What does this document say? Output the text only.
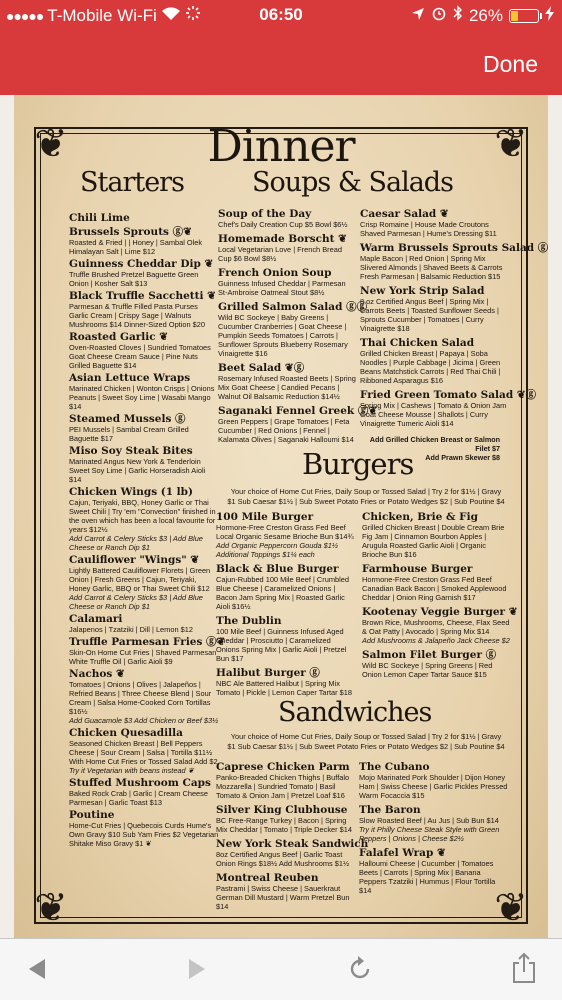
●●●●● T-Mobile Wi-Fi	06:50	26%
Done
❦	❦
❦	❦
Dinner
Starters	Soups & Salads
Chili Lime
Brussels Sprouts ⓖ❦
Roasted & Fried | | Honey | Sambal Olek Himalayan Salt | Lime $12
Guinness Cheddar Dip ❦
Truffle Brushed Pretzel Baguette Green Onion | Kosher Salt $13
Black Truffle Sacchetti ❦
Parmesan & Truffle Filled Pasta Purses Garlic Cream | Crispy Sage | Walnuts Mushrooms $14 Dinner-Sized Option $20
Roasted Garlic ❦
Oven-Roasted Cloves | Sundried Tomatoes Goat Cheese Cream Sauce | Pine Nuts Grilled Baguette $14
Asian Lettuce Wraps
Marinated Chicken | Wonton Crisps | Onions Peanuts | Sweet Soy Lime | Wasabi Mango $14
Steamed Mussels ⓖ
PEI Mussels | Sambal Cream Grilled Baguette $17
Miso Soy Steak Bites
Marinated Angus New York & Tenderloin Sweet Soy Lime | Garlic Horseradish Aioli $14
Chicken Wings (1 lb)
Cajun, Teriyaki, BBQ, Honey Garlic or Thai Sweet Chili | Try 'em "Convection" finished in the oven which has been a local favourite for years $12½
Add Carrot & Celery Sticks $3 | Add Blue Cheese or Ranch Dip $1
Cauliflower "Wings" ❦
Lightly Battered Cauliflower Florets | Green Onion | Fresh Greens | Cajun, Teriyaki, Honey Garlic, BBQ or Thai Sweet Chili $12
Add Carrot & Celery Sticks $3 | Add Blue Cheese or Ranch Dip $1
Calamari
Jalapenos | Tzatziki | Dill | Lemon $12
Truffle Parmesan Fries ⓖ❦
Skin-On Home Cut Fries | Shaved Parmesan White Truffle Oil | Garlic Aioli $9
Nachos ❦
Tomatoes | Onions | Olives | Jalapeños | Refried Beans | Three Cheese Blend | Sour Cream | Salsa Home-Cooked Corn Tortillas $16½
Add Guacamole $3 Add Chicken or Beef $3½
Chicken Quesadilla
Seasoned Chicken Breast | Bell Peppers Cheese | Sour Cream | Salsa | Tortilla $11½ With Home Cut Fries or Tossed Salad Add $2
Try it Vegetarian with beans instead ❦
Stuffed Mushroom Caps
Baked Rock Crab | Garlic | Cream Cheese Parmesan | Garlic Toast $13
Poutine
Home-Cut Fries | Quebecois Curds Hume's Own Gravy $10 Sub Yam Fries $2 Vegetarian Shitake Miso Gravy $1 ❦
Soup of the Day
Chef's Daily Creation Cup $5 Bowl $6½
Homemade Borscht ❦
Local Vegetarian Love | French Bread Cup $6 Bowl $8½
French Onion Soup
Guinness Infused Cheddar | Parmesan St-Ambroise Oatmeal Stout $8½
Grilled Salmon Salad ⓖⓖ
Wild BC Sockeye | Baby Greens | Cucumber Cranberries | Goat Cheese | Pumpkin Seeds Tomatoes | Carrots | Sunflower Sprouts Blueberry Rosemary Vinaigrette $16
Beet Salad ❦ⓖ
Rosemary Infused Roasted Beets | Spring Mix Goat Cheese | Candied Pecans | Walnut Oil Balsamic Reduction $14½
Saganaki Fennel Greek ⓖ❦
Green Peppers | Grape Tomatoes | Feta Cucumber | Red Onions | Fennel | Kalamata Olives | Saganaki Halloumi $14
Caesar Salad ❦
Crisp Romaine | House Made Croutons Shaved Parmesan | Hume's Dressing $11
Warm Brussels Sprouts Salad ⓖ
Maple Bacon | Red Onion | Spring Mix Slivered Almonds | Shaved Beets & Carrots Fresh Parmesan | Balsamic Reduction $15
New York Strip Salad
8 oz Certified Angus Beef | Spring Mix | Carrots Beets | Toasted Sunflower Seeds | Sprouts Cucumber | Tomatoes | Curry Vinaigrette $18
Thai Chicken Salad
Grilled Chicken Breast | Papaya | Soba Noodles | Purple Cabbage | Jicima | Green Beans Matchstick Carrots | Red Thai Chili | Ribboned Asparagus $16
Fried Green Tomato Salad ❦ⓖ
Spring Mix | Cashews | Tomato & Onion Jam Goat Cheese Mousse | Shallots | Curry Vinaigrette Tumeric Aioli $14
Add Grilled Chicken Breast or Salmon Filet $7
Add Prawn Skewer $8
Burgers
Your choice of Home Cut Fries, Daily Soup or Tossed Salad | Try 2 for $1½ | Gravy $1 Sub Caesar $1½ | Sub Sweet Potato Fries or Potato Wedges $2 | Sub Poutine $4
100 Mile Burger
Hormone-Free Creston Grass Fed Beef Local Organic Sesame Brioche Bun $14¾
Add Organic Peppercorn Gouda $1½ Additional Toppings $1¼ each
Black & Blue Burger
Cajun-Rubbed 100 Mile Beef | Crumbled Blue Cheese | Caramelized Onions | Bacon Jam Spring Mix | Roasted Garlic Aioli $16½
The Dublin
100 Mile Beef | Guinness Infused Aged Cheddar | Prosciutto | Caramelized Onions Spring Mix | Garlic Aioli | Pretzel Bun $17
Halibut Burger ⓖ
NBC Ale Battered Halibut | Spring Mix Tomato | Pickle | Lemon Caper Tartar $18
Chicken, Brie & Fig
Grilled Chicken Breast | Double Cream Brie Fig Jam | Cinnamon Bourbon Apples | Arugula Roasted Garlic Aioli | Organic Brioche Bun $16
Farmhouse Burger
Hormone-Free Creston Grass Fed Beef Canadian Back Bacon | Smoked Applewood Cheddar | Onion Ring Garnish $17
Kootenay Veggie Burger ❦
Brown Rice, Mushrooms, Cheese, Flax Seed & Oat Patty | Avocado | Spring Mix $14
Add Mushrooms & Jalapeño Jack Cheese $2
Salmon Filet Burger ⓖ
Wild BC Sockeye | Spring Greens | Red Onion Lemon Caper Tartar Sauce $15
Sandwiches
Your choice of Home Cut Fries, Daily Soup or Tossed Salad | Try 2 for $1½ | Gravy $1 Sub Caesar $1½ | Sub Sweet Potato Fries or Potato Wedges $2 | Sub Poutine $4
Caprese Chicken Parm
Panko-Breaded Chicken Thighs | Buffalo Mozzarella | Sundried Tomato | Basil Tomato & Onion Jam | Pretzel Loaf $16
Silver King Clubhouse
BC Free-Range Turkey | Bacon | Spring Mix Cheddar | Tomato | Triple Decker $14
New York Steak Sandwich
8oz Certified Angus Beef | Garlic Toast Onion Rings $18½ Add Mushrooms $1½
Montreal Reuben
Pastrami | Swiss Cheese | Sauerkraut German Dill Mustard | Warm Pretzel Bun $14
The Cubano
Mojo Marinated Pork Shoulder | Dijon Honey Ham | Swiss Cheese | Garlic Pickles Pressed Warm Focaccia $15
The Baron
Slow Roasted Beef | Au Jus | Sub Bun $14
Try it Philly Cheese Steak Style with Green Peppers | Onions | Cheese $2½
Falafel Wrap ❦
Halloumi Cheese | Cucumber | Tomatoes Beets | Carrots | Spring Mix | Banana Peppers Tzatziki | Hummus | Flour Tortilla $14
